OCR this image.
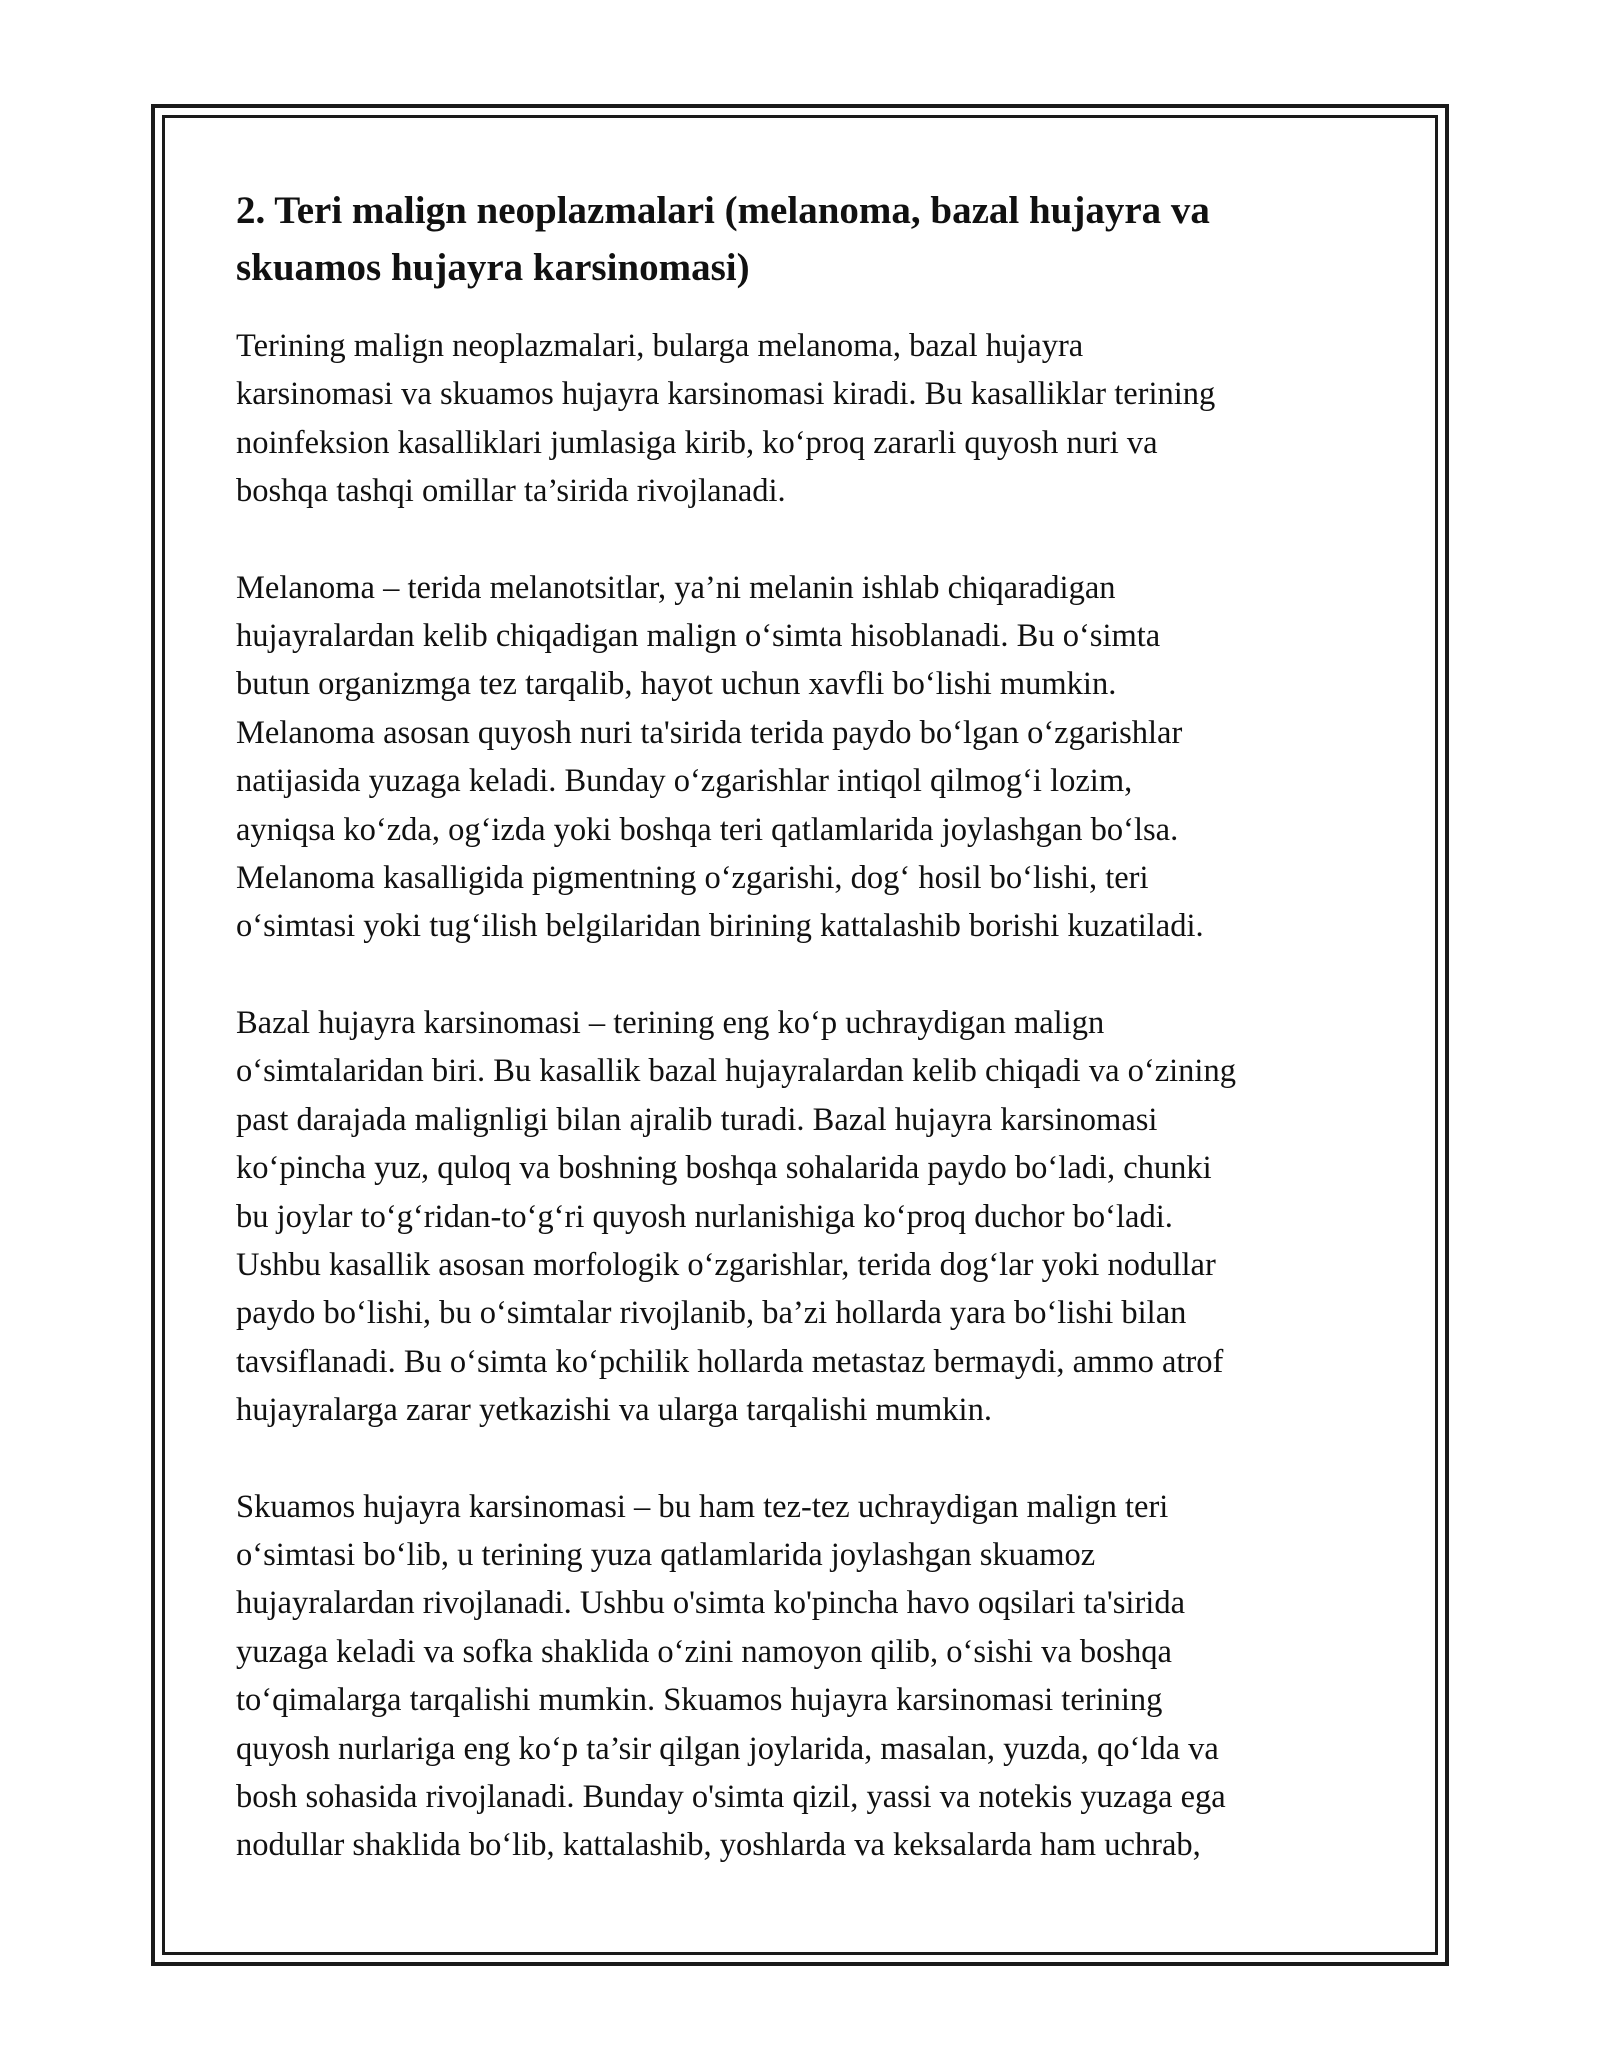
2. Teri malign neoplazmalari (melanoma, bazal hujayra va
skuamos hujayra karsinomasi)

Terining malign neoplazmalari, bularga melanoma, bazal hujayra
karsinomasi va skuamos hujayra karsinomasi kiradi. Bu kasalliklar terining
noinfeksion kasalliklari jumlasiga kirib, ko‘proq zararli quyosh nuri va
boshqa tashqi omillar ta’sirida rivojlanadi.

Melanoma – terida melanotsitlar, ya’ni melanin ishlab chiqaradigan
hujayralardan kelib chiqadigan malign o‘simta hisoblanadi. Bu o‘simta
butun organizmga tez tarqalib, hayot uchun xavfli bo‘lishi mumkin.
Melanoma asosan quyosh nuri ta'sirida terida paydo bo‘lgan o‘zgarishlar
natijasida yuzaga keladi. Bunday o‘zgarishlar intiqol qilmog‘i lozim,
ayniqsa ko‘zda, og‘izda yoki boshqa teri qatlamlarida joylashgan bo‘lsa.
Melanoma kasalligida pigmentning o‘zgarishi, dog‘ hosil bo‘lishi, teri
o‘simtasi yoki tug‘ilish belgilaridan birining kattalashib borishi kuzatiladi.

Bazal hujayra karsinomasi – terining eng ko‘p uchraydigan malign
o‘simtalaridan biri. Bu kasallik bazal hujayralardan kelib chiqadi va o‘zining
past darajada malignligi bilan ajralib turadi. Bazal hujayra karsinomasi
ko‘pincha yuz, quloq va boshning boshqa sohalarida paydo bo‘ladi, chunki
bu joylar to‘g‘ridan-to‘g‘ri quyosh nurlanishiga ko‘proq duchor bo‘ladi.
Ushbu kasallik asosan morfologik o‘zgarishlar, terida dog‘lar yoki nodullar
paydo bo‘lishi, bu o‘simtalar rivojlanib, ba’zi hollarda yara bo‘lishi bilan
tavsiflanadi. Bu o‘simta ko‘pchilik hollarda metastaz bermaydi, ammo atrof
hujayralarga zarar yetkazishi va ularga tarqalishi mumkin.

Skuamos hujayra karsinomasi – bu ham tez-tez uchraydigan malign teri
o‘simtasi bo‘lib, u terining yuza qatlamlarida joylashgan skuamoz
hujayralardan rivojlanadi. Ushbu o'simta ko'pincha havo oqsilari ta'sirida
yuzaga keladi va sofka shaklida o‘zini namoyon qilib, o‘sishi va boshqa
to‘qimalarga tarqalishi mumkin. Skuamos hujayra karsinomasi terining
quyosh nurlariga eng ko‘p ta’sir qilgan joylarida, masalan, yuzda, qo‘lda va
bosh sohasida rivojlanadi. Bunday o'simta qizil, yassi va notekis yuzaga ega
nodullar shaklida bo‘lib, kattalashib, yoshlarda va keksalarda ham uchrab,
